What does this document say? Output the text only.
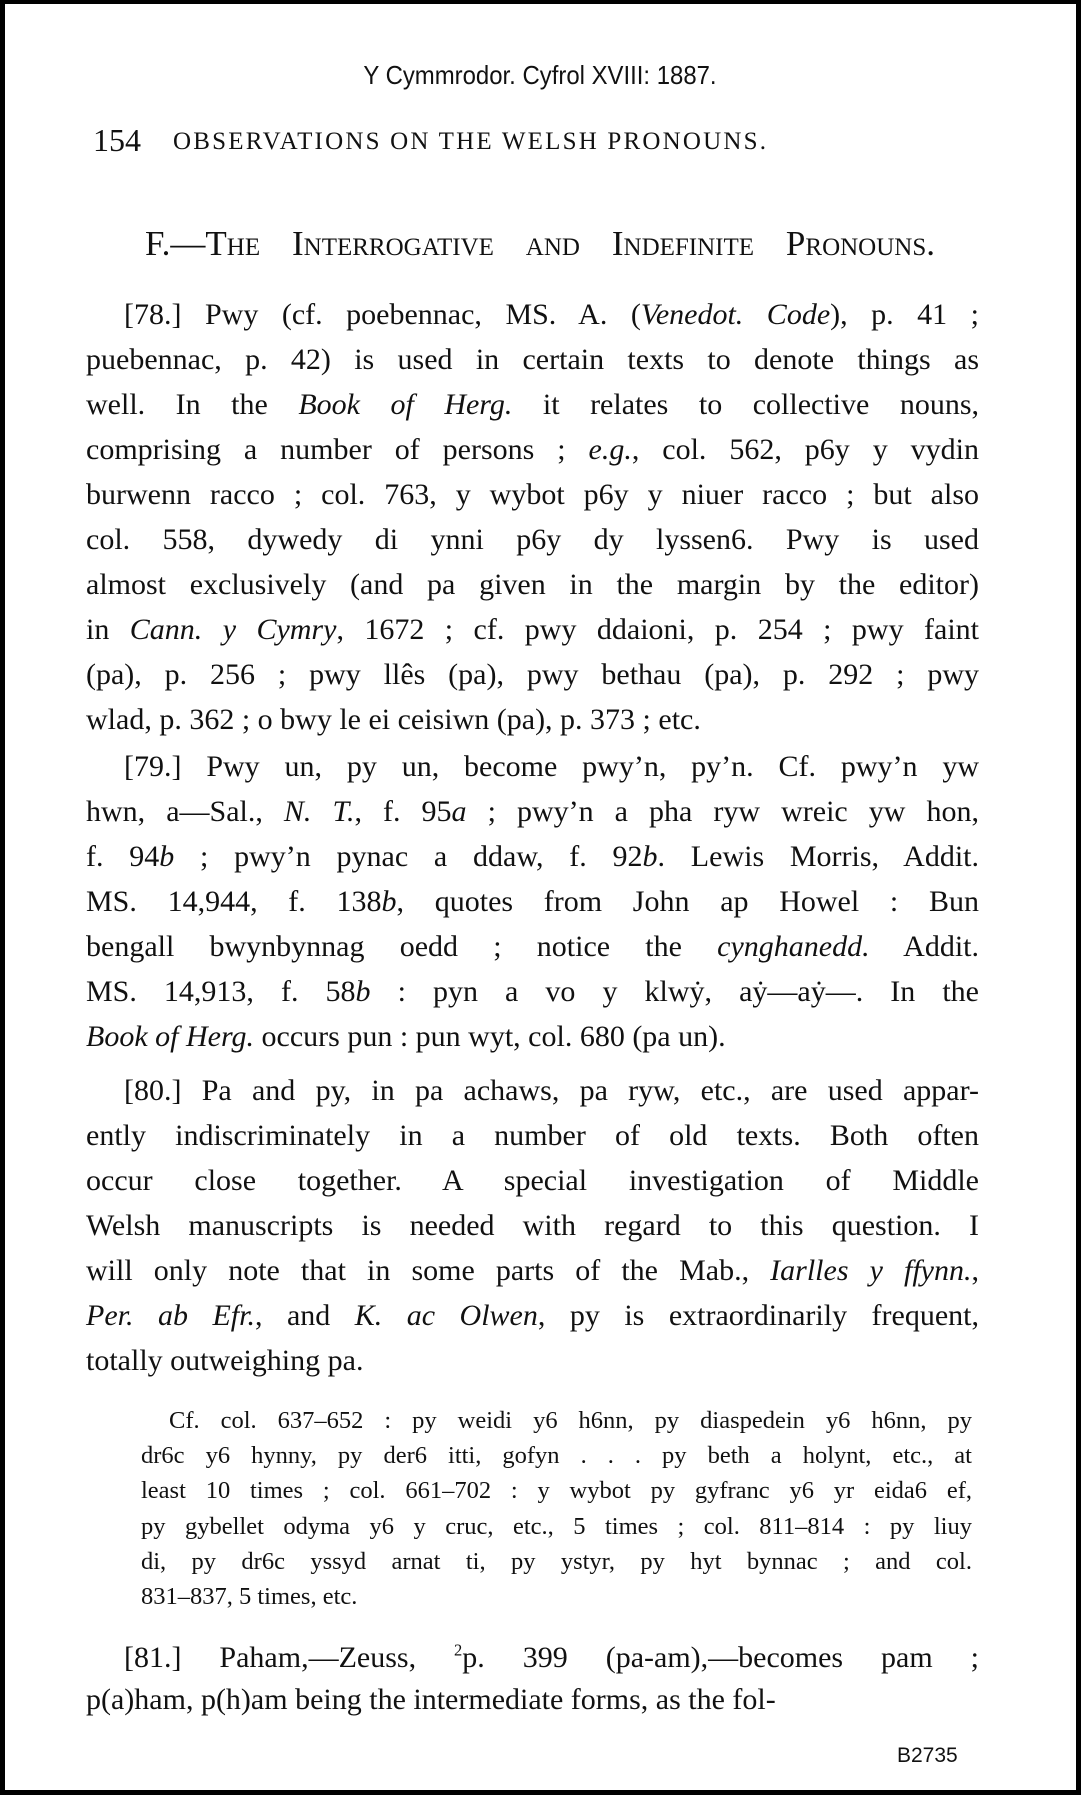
Y Cymmrodor. Cyfrol XVIII: 1887.
154 OBSERVATIONS ON THE WELSH PRONOUNS.
F.—The Interrogative and Indefinite Pronouns.
[78.] Pwy (cf. poebennac, MS. A. (Venedot. Code), p. 41 ;
puebennac, p. 42) is used in certain texts to denote things as
well. In the Book of Herg. it relates to collective nouns,
comprising a number of persons ; e.g., col. 562, p6y y vydin
burwenn racco ; col. 763, y wybot p6y y niuer racco ; but also
col. 558, dywedy di ynni p6y dy lyssen6. Pwy is used
almost exclusively (and pa given in the margin by the editor)
in Cann. y Cymry, 1672 ; cf. pwy ddaioni, p. 254 ; pwy faint
(pa), p. 256 ; pwy llês (pa), pwy bethau (pa), p. 292 ; pwy
wlad, p. 362 ; o bwy le ei ceisiwn (pa), p. 373 ; etc.
[79.] Pwy un, py un, become pwy’n, py’n. Cf. pwy’n yw
hwn, a—Sal., N. T., f. 95a ; pwy’n a pha ryw wreic yw hon,
f. 94b ; pwy’n pynac a ddaw, f. 92b. Lewis Morris, Addit.
MS. 14,944, f. 138b, quotes from John ap Howel : Bun
bengall bwynbynnag oedd ; notice the cynghanedd. Addit.
MS. 14,913, f. 58b : pyn a vo y klwẏ, aẏ—aẏ—. In the
Book of Herg. occurs pun : pun wyt, col. 680 (pa un).
[80.] Pa and py, in pa achaws, pa ryw, etc., are used appar-
ently indiscriminately in a number of old texts. Both often
occur close together. A special investigation of Middle
Welsh manuscripts is needed with regard to this question. I
will only note that in some parts of the Mab., Iarlles y ffynn.,
Per. ab Efr., and K. ac Olwen, py is extraordinarily frequent,
totally outweighing pa.
Cf. col. 637–652 : py weidi y6 h6nn, py diaspedein y6 h6nn, py
dr6c y6 hynny, py der6 itti, gofyn . . . py beth a holynt, etc., at
least 10 times ; col. 661–702 : y wybot py gyfranc y6 yr eida6 ef,
py gybellet odyma y6 y cruc, etc., 5 times ; col. 811–814 : py liuy
di, py dr6c yssyd arnat ti, py ystyr, py hyt bynnac ; and col.
831–837, 5 times, etc.
[81.] Paham,—Zeuss, $^2$p. 399 (pa-am),—becomes pam ;
p(a)ham, p(h)am being the intermediate forms, as the fol-
B2735
